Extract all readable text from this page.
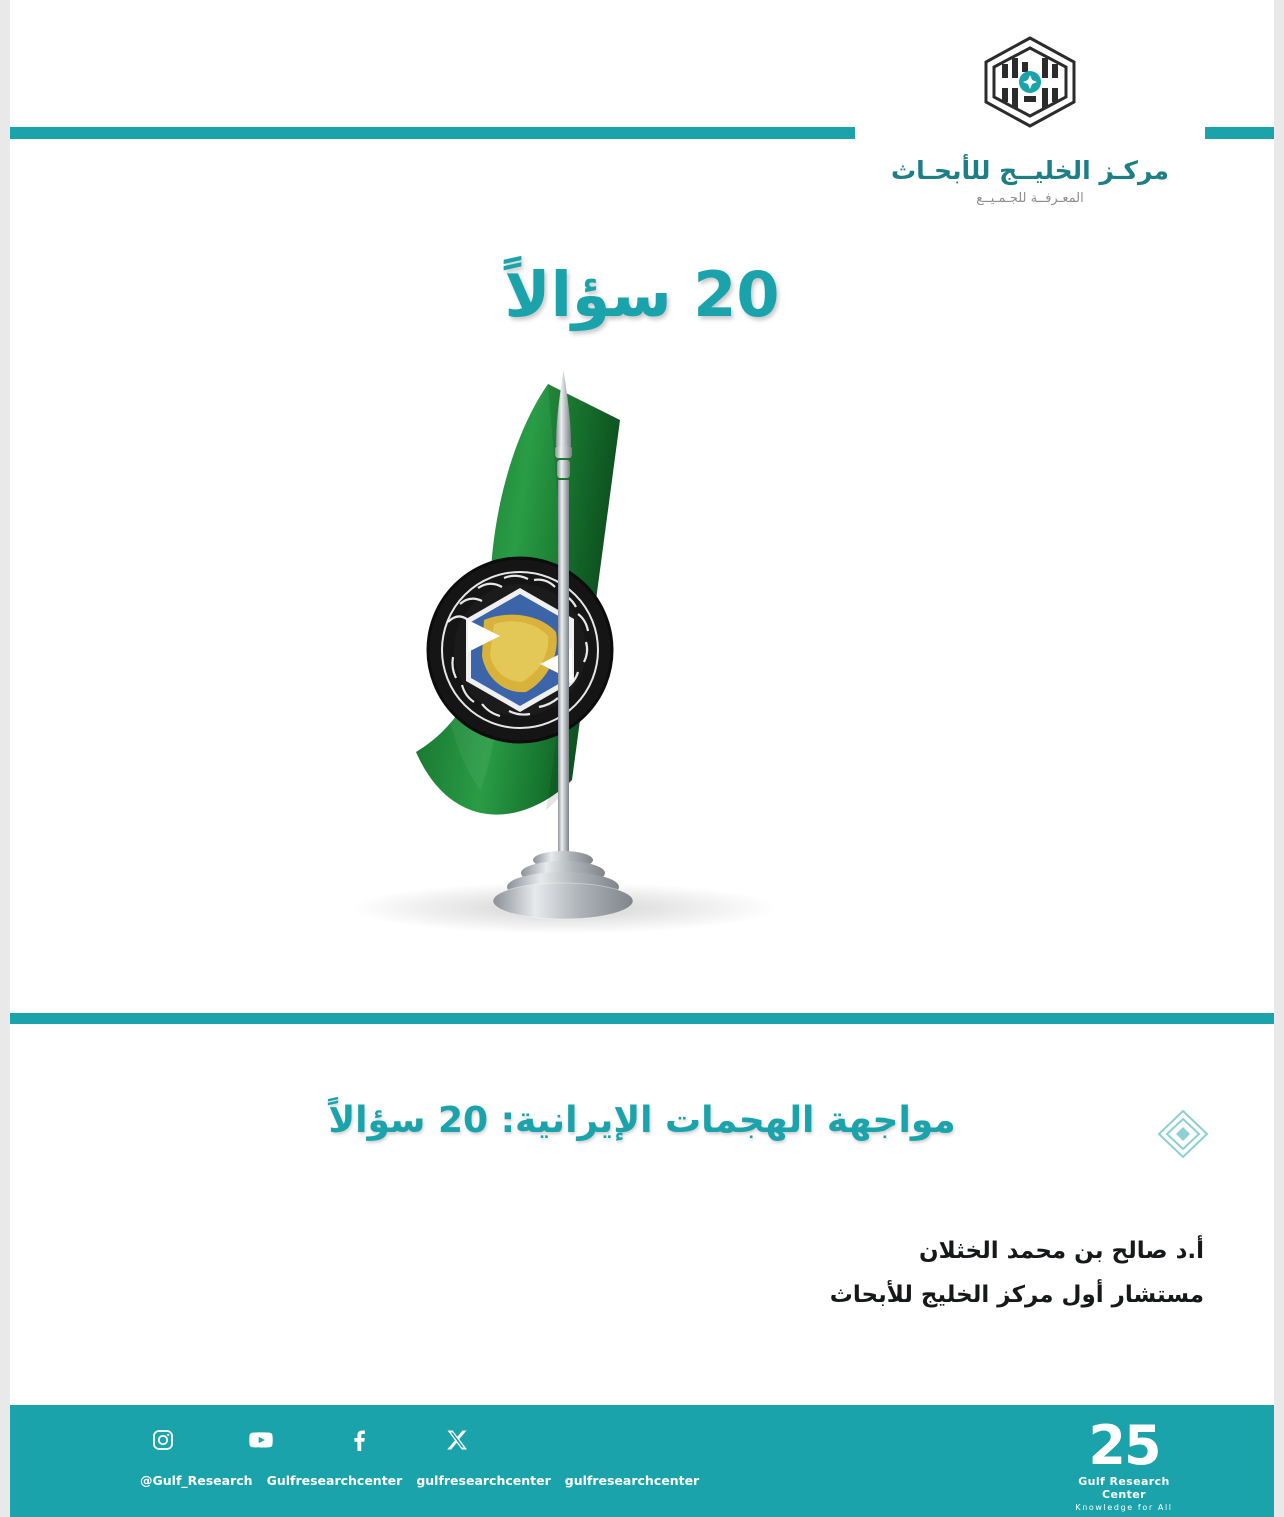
مركـز الخليــج للأبحـاث
المعـرفــة للجـمـيــع
20 سؤالاً
مواجهة الهجمات الإيرانية: 20 سؤالاً
أ.د صالح بن محمد الخثلان
مستشار أول مركز الخليج للأبحاث
@Gulf_Research Gulfresearchcenter gulfresearchcenter gulfresearchcenter
25
Gulf Research Center
Knowledge for All
